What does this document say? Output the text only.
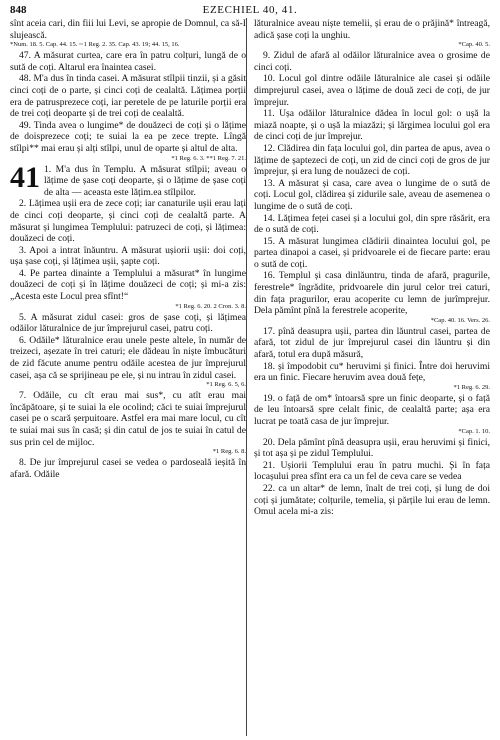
848	EZECHIEL 40, 41.

sînt aceia cari, din fiii lui Levi, se apropie de Domnul, ca să-I slujească.

*Num. 18. 5. Cap. 44. 15. ◦◦1 Reg. 2. 35. Cap. 43. 19; 44. 15, 16.

47. A măsurat curtea, care era în patru colțuri, lungă de o sută de coți. Altarul era înaintea casei.

48. M'a dus în tinda casei. A măsurat stîlpii tinzii, și a găsit cinci coți de o parte, și cinci coți de cealaltă. Lățimea porții era de patrusprezece coți, iar peretele de pe laturile porții era de trei coți deoparte și de trei coți de cealaltă.

49. Tinda avea o lungime* de douăzeci de coți și o lățime de doisprezece coți; te suiai la ea pe zece trepte. Lîngă stîlpi** mai erau și alți stîlpi, unul de oparte și altul de alta.

*1 Reg. 6. 3. **1 Reg. 7. 21.

41 1. M'a dus în Templu. A măsurat stîlpii; aveau o lățime de șase coți deoparte, și o lățime de șase coți de alta — aceasta este lățim.ea stîlpilor.

2. Lățimea ușii era de zece coți; iar canaturile ușii erau lați de cinci coți deoparte, și cinci coți de cealaltă parte. A măsurat și lungimea Templului: patruzeci de coți, și lățimea: douăzeci de coți.

3. Apoi a intrat înăuntru. A măsurat ușiorii ușii: doi coți, ușa șase coți, și lățimea ușii, șapte coți.

4. Pe partea dinainte a Templului a măsurat* în lungime douăzeci de coți și în lățime douăzeci de coți; și mi-a zis: „Acesta este Locul prea sfînt!“

*1 Reg. 6. 20. 2 Cron. 3. 8.

5. A măsurat zidul casei: gros de șase coți, și lățimea odăilor lăturalnice de jur împrejurul casei, patru coți.

6. Odăile* lăturalnice erau unele peste altele, în număr de treizeci, așezate în trei caturi; ele dădeau în niște îmbucături de zid făcute anume pentru odăile acestea de jur împrejurul casei, așa că se sprijineau pe ele, și nu intrau în zidul casei.

*1 Reg. 6. 5, 6.

7. Odăile, cu cît erau mai sus*, cu atît erau mai încăpătoare, și te suiai la ele ocolind; căci te suiai împrejurul casei pe o scară șerpuitoare. Astfel era mai mare locul, cu cît te suiai mai sus în casă; și din catul de jos te suiai în catul de sus prin cel de mijloc.

*1 Reg. 6. 8.

8. De jur împrejurul casei se vedea o pardoseală ieșită în afară. Odăile

lăturalnice aveau niște temelii, și erau de o prăjină* întreagă, adică șase coți la unghiu.

*Cap. 40. 5.

9. Zidul de afară al odăilor lăturalnice avea o grosime de cinci coți.

10. Locul gol dintre odăile lăturalnice ale casei și odăile dimprejurul casei, avea o lățime de două zeci de coți, de jur împrejur.

11. Ușa odăilor lăturalnice dădea în locul gol: o ușă la miază noapte, și o ușă la miazăzi; și lărgimea locului gol era de cinci coți de jur împrejur.

12. Clădirea din fața locului gol, din partea de apus, avea o lățime de șaptezeci de coți, un zid de cinci coți de gros de jur împrejur, și era lung de nouăzeci de coți.

13. A măsurat și casa, care avea o lungime de o sută de coți. Locul gol, clădirea și zidurile sale, aveau de asemenea o lungime de o sută de coți.

14. Lățimea feței casei și a locului gol, din spre răsărit, era de o sută de coți.

15. A măsurat lungimea clădirii dinaintea locului gol, pe partea dinapoi a casei, și pridvoarele ei de fiecare parte: erau o sută de coți.

16. Templul și casa dinlăuntru, tinda de afară, pragurile, ferestrele* îngrădite, pridvoarele din jurul celor trei caturi, din fața pragurilor, erau acoperite cu lemn de jurîmprejur. Dela pămînt pînă la ferestrele acoperite,

*Cap. 40. 16. Vers. 26.

17. pînă deasupra ușii, partea din lăuntrul casei, partea de afară, tot zidul de jur împrejurul casei din lăuntru și din afară, totul era după măsură,

18. și împodobit cu* heruvimi și finici. Între doi heruvimi era un finic. Fiecare heruvim avea două fețe,

*1 Reg. 6. 29.

19. o față de om* întoarsă spre un finic deoparte, și o față de leu întoarsă spre celalt finic, de cealaltă parte; așa era lucrat pe toată casa de jur împrejur.

*Cap. 1. 10.

20. Dela pămînt pînă deasupra ușii, erau heruvimi și finici, și tot așa și pe zidul Templului.

21. Ușiorii Templului erau în patru muchi. Și în fața locașului prea sfînt era ca un fel de ceva care se vedea

22. ca un altar* de lemn, înalt de trei coți, și lung de doi coți și jumătate; colțurile, temelia, și părțile lui erau de lemn. Omul acela mi-a zis:
